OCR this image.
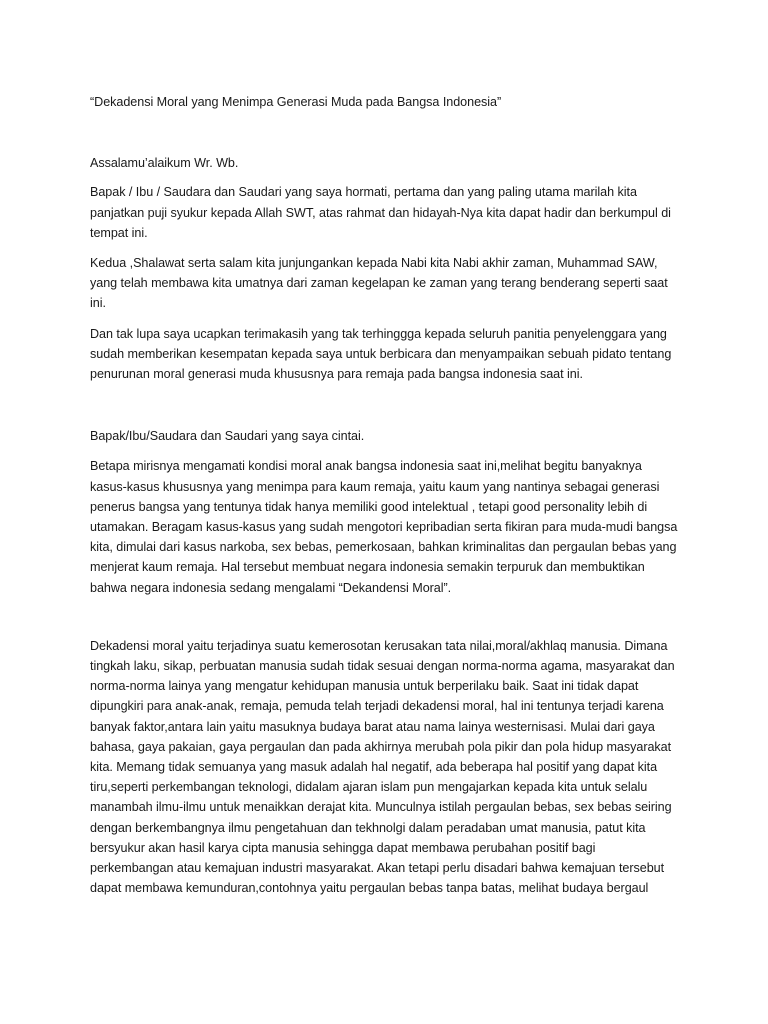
“Dekadensi Moral yang Menimpa Generasi Muda pada Bangsa Indonesia”

Assalamu’alaikum Wr. Wb.

Bapak / Ibu / Saudara dan Saudari yang saya hormati, pertama dan yang paling utama marilah kita panjatkan puji syukur kepada Allah SWT, atas rahmat dan hidayah-Nya kita dapat hadir dan berkumpul di tempat ini.

Kedua ,Shalawat serta salam kita junjungankan kepada Nabi kita Nabi akhir zaman, Muhammad SAW, yang telah membawa kita umatnya dari zaman kegelapan ke zaman yang terang benderang seperti saat ini.

Dan tak lupa saya ucapkan terimakasih yang tak terhinggga kepada seluruh panitia penyelenggara yang sudah memberikan kesempatan kepada saya untuk berbicara dan menyampaikan sebuah pidato tentang penurunan moral generasi muda khususnya para remaja pada bangsa indonesia saat ini.

Bapak/Ibu/Saudara dan Saudari yang saya cintai.

Betapa mirisnya mengamati kondisi moral anak bangsa indonesia saat ini,melihat begitu banyaknya kasus-kasus khususnya yang menimpa para kaum remaja, yaitu kaum yang nantinya sebagai generasi penerus bangsa yang tentunya tidak hanya memiliki good intelektual , tetapi good personality lebih di utamakan. Beragam kasus-kasus yang sudah mengotori kepribadian serta fikiran para muda-mudi bangsa kita, dimulai dari kasus narkoba, sex bebas, pemerkosaan, bahkan kriminalitas dan pergaulan bebas yang menjerat kaum remaja. Hal tersebut membuat negara indonesia semakin terpuruk dan membuktikan bahwa negara indonesia sedang mengalami “Dekandensi Moral”.

Dekadensi moral yaitu terjadinya suatu kemerosotan kerusakan tata nilai,moral/akhlaq manusia. Dimana tingkah laku, sikap, perbuatan manusia sudah tidak sesuai dengan norma-norma agama, masyarakat dan norma-norma lainya yang mengatur kehidupan manusia untuk berperilaku baik. Saat ini tidak dapat dipungkiri para anak-anak, remaja, pemuda telah terjadi dekadensi moral, hal ini tentunya terjadi karena banyak faktor,antara lain yaitu masuknya budaya barat atau nama lainya westernisasi. Mulai dari gaya bahasa, gaya pakaian, gaya pergaulan dan pada akhirnya merubah pola pikir dan pola hidup masyarakat kita. Memang tidak semuanya yang masuk adalah hal negatif, ada beberapa hal positif yang dapat kita tiru,seperti perkembangan teknologi, didalam ajaran islam pun mengajarkan kepada kita untuk selalu manambah ilmu-ilmu untuk menaikkan derajat kita. Munculnya istilah pergaulan bebas, sex bebas seiring dengan berkembangnya ilmu pengetahuan dan tekhnolgi dalam peradaban umat manusia, patut kita bersyukur akan hasil karya cipta manusia sehingga dapat membawa perubahan positif bagi perkembangan atau kemajuan industri masyarakat. Akan tetapi perlu disadari bahwa kemajuan tersebut dapat membawa kemunduran,contohnya yaitu pergaulan bebas tanpa batas, melihat budaya bergaul
